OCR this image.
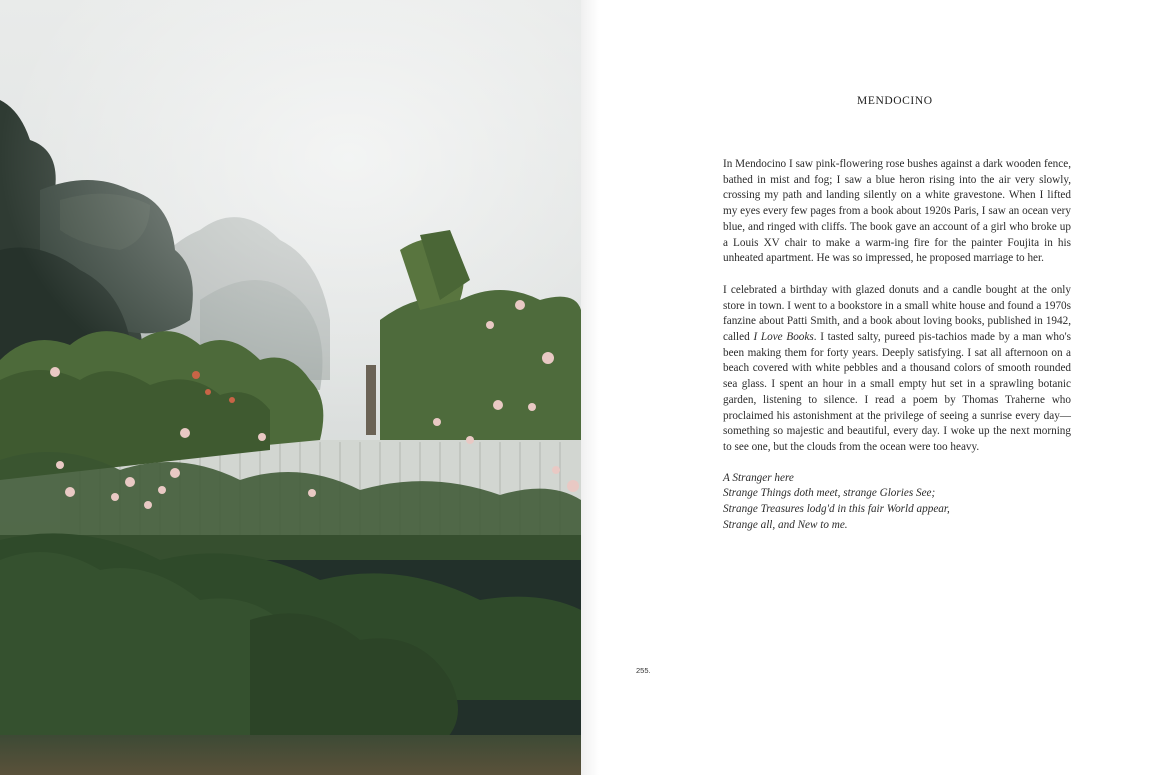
MENDOCINO

In Mendocino I saw pink-flowering rose bushes against a dark wooden fence, bathed in mist and fog; I saw a blue heron rising into the air very slowly, crossing my path and landing silently on a white gravestone. When I lifted my eyes every few pages from a book about 1920s Paris, I saw an ocean very blue, and ringed with cliffs. The book gave an account of a girl who broke up a Louis XV chair to make a warm-ing fire for the painter Foujita in his unheated apartment. He was so impressed, he proposed marriage to her.

I celebrated a birthday with glazed donuts and a candle bought at the only store in town. I went to a bookstore in a small white house and found a 1970s fanzine about Patti Smith, and a book about loving books, published in 1942, called I Love Books. I tasted salty, pureed pis-tachios made by a man who's been making them for forty years. Deeply satisfying. I sat all afternoon on a beach covered with white pebbles and a thousand colors of smooth rounded sea glass. I spent an hour in a small empty hut set in a sprawling botanic garden, listening to silence. I read a poem by Thomas Traherne who proclaimed his astonishment at the privilege of seeing a sunrise every day—something so majestic and beautiful, every day. I woke up the next morning to see one, but the clouds from the ocean were too heavy.

A Stranger here
Strange Things doth meet, strange Glories See;
Strange Treasures lodg'd in this fair World appear,
Strange all, and New to me.
255.
